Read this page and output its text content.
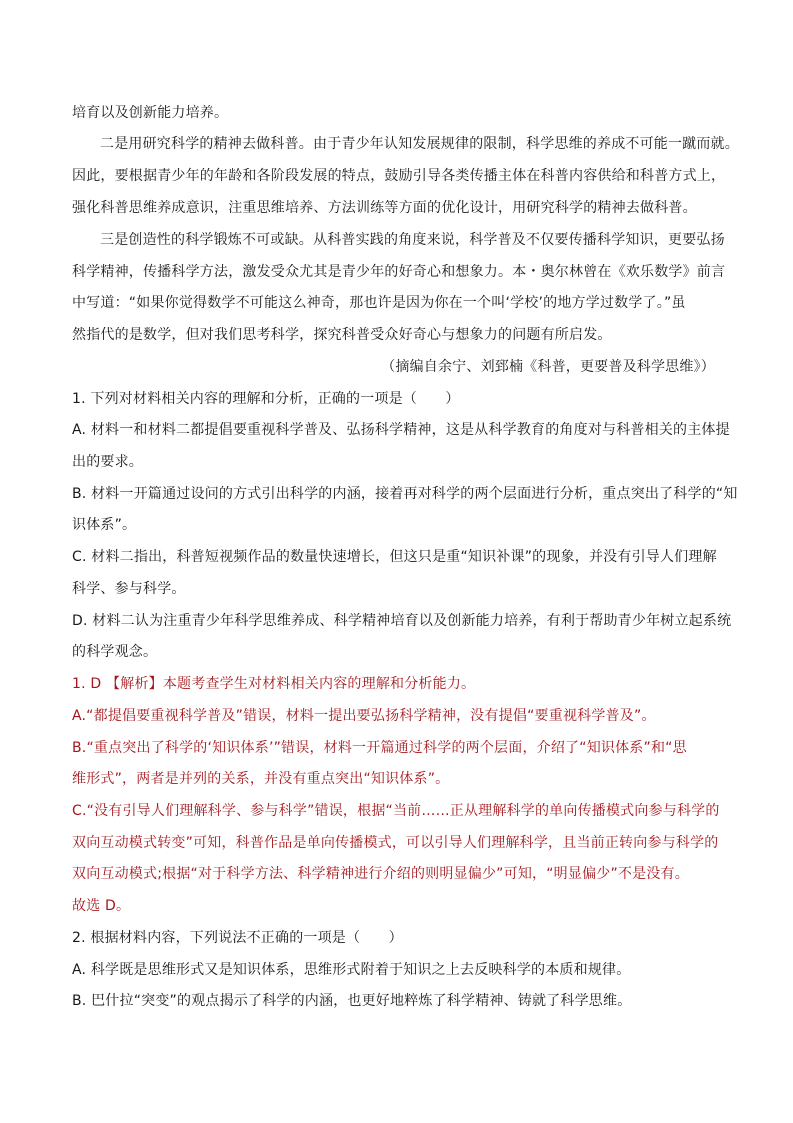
培育以及创新能力培养。
二是用研究科学的精神去做科普。由于青少年认知发展规律的限制，科学思维的养成不可能一蹴而就。
因此，要根据青少年的年龄和各阶段发展的特点，鼓励引导各类传播主体在科普内容供给和科普方式上，
强化科普思维养成意识，注重思维培养、方法训练等方面的优化设计，用研究科学的精神去做科普。
三是创造性的科学锻炼不可或缺。从科普实践的角度来说，科学普及不仅要传播科学知识，更要弘扬
科学精神，传播科学方法，激发受众尤其是青少年的好奇心和想象力。本・奥尔林曾在《欢乐数学》前言
中写道：“如果你觉得数学不可能这么神奇，那也许是因为你在一个叫‘学校’的地方学过数学了。”虽
然指代的是数学，但对我们思考科学，探究科普受众好奇心与想象力的问题有所启发。
（摘编自余宁、刘郅楠《科普，更要普及科学思维》）
1. 下列对材料相关内容的理解和分析，正确的一项是（　　）
A. 材料一和材料二都提倡要重视科学普及、弘扬科学精神，这是从科学教育的角度对与科普相关的主体提
出的要求。
B. 材料一开篇通过设问的方式引出科学的内涵，接着再对科学的两个层面进行分析，重点突出了科学的“知
识体系”。
C. 材料二指出，科普短视频作品的数量快速增长，但这只是重“知识补课”的现象，并没有引导人们理解
科学、参与科学。
D. 材料二认为注重青少年科学思维养成、科学精神培育以及创新能力培养，有利于帮助青少年树立起系统
的科学观念。
1. D 【解析】本题考查学生对材料相关内容的理解和分析能力。
A.“都提倡要重视科学普及”错误，材料一提出要弘扬科学精神，没有提倡“要重视科学普及”。
B.“重点突出了科学的‘知识体系’”错误，材料一开篇通过科学的两个层面，介绍了“知识体系”和“思
维形式”，两者是并列的关系，并没有重点突出“知识体系”。
C.“没有引导人们理解科学、参与科学”错误，根据“当前……正从理解科学的单向传播模式向参与科学的
双向互动模式转变”可知，科普作品是单向传播模式，可以引导人们理解科学，且当前正转向参与科学的
双向互动模式;根据“对于科学方法、科学精神进行介绍的则明显偏少”可知，“明显偏少”不是没有。
故选 D。
2. 根据材料内容，下列说法不正确的一项是（　　）
A. 科学既是思维形式又是知识体系，思维形式附着于知识之上去反映科学的本质和规律。
B. 巴什拉“突变”的观点揭示了科学的内涵，也更好地粹炼了科学精神、铸就了科学思维。
